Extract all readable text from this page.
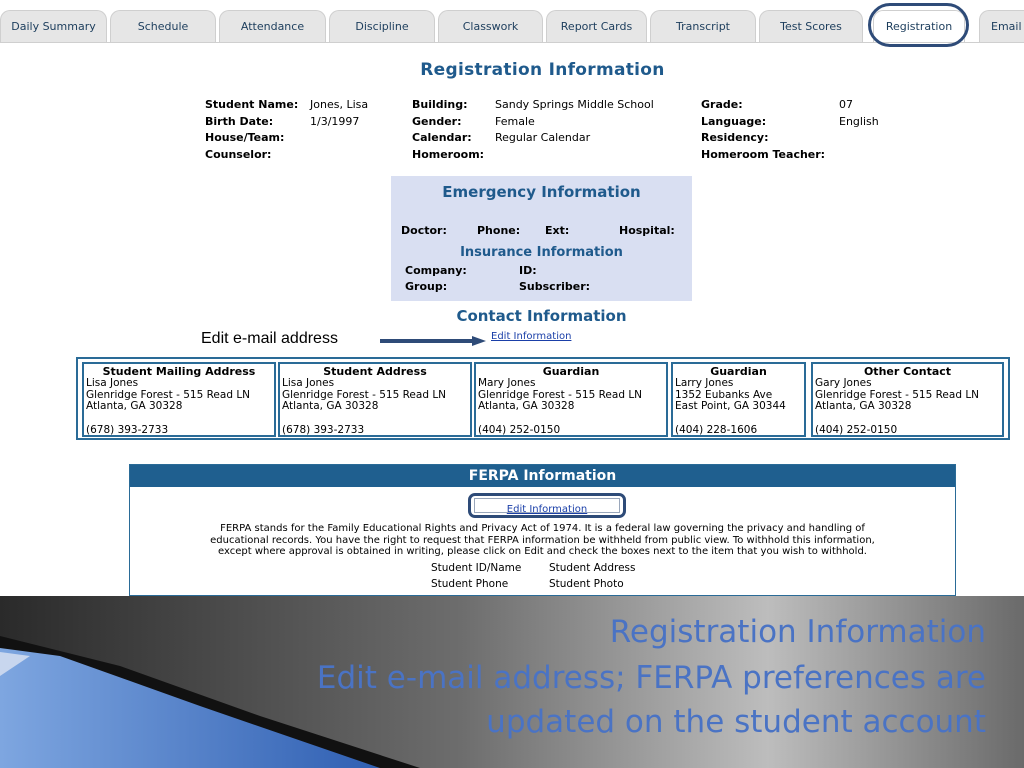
Daily Summary	Schedule	Attendance	Discipline	Classwork	Report Cards	Transcript	Test Scores	Registration	Email
Registration Information
Student Name: Jones, Lisa
Birth Date:	1/3/1997
House/Team:
Counselor:
Building: Sandy Springs Middle School
Gender:	Female
Calendar: Regular Calendar
Homeroom:
Grade:	07
Language:	English
Residency:
Homeroom Teacher:
Emergency Information
Doctor:	Phone: Ext:	Hospital:
Insurance Information
Company:	ID:
Group:	Subscriber:
Contact Information
Edit e-mail address	Edit Information
Student Mailing Address
Lisa Jones
Glenridge Forest - 515 Read LN
Atlanta, GA 30328
(678) 393-2733
Student Address
Lisa Jones
Glenridge Forest - 515 Read LN
Atlanta, GA 30328
(678) 393-2733
Guardian
Mary Jones
Glenridge Forest - 515 Read LN
Atlanta, GA 30328
(404) 252-0150
Guardian
Larry Jones
1352 Eubanks Ave
East Point, GA 30344
(404) 228-1606
Other Contact
Gary Jones
Glenridge Forest - 515 Read LN
Atlanta, GA 30328
(404) 252-0150
FERPA Information
Edit Information
FERPA stands for the Family Educational Rights and Privacy Act of 1974. It is a federal law governing the privacy and handling of
educational records. You have the right to request that FERPA information be withheld from public view. To withhold this information,
except where approval is obtained in writing, please click on Edit and check the boxes next to the item that you wish to withhold.
Student ID/Name	Student Address
Student Phone	Student Photo
Registration Information
Edit e-mail address; FERPA preferences are
updated on the student account
